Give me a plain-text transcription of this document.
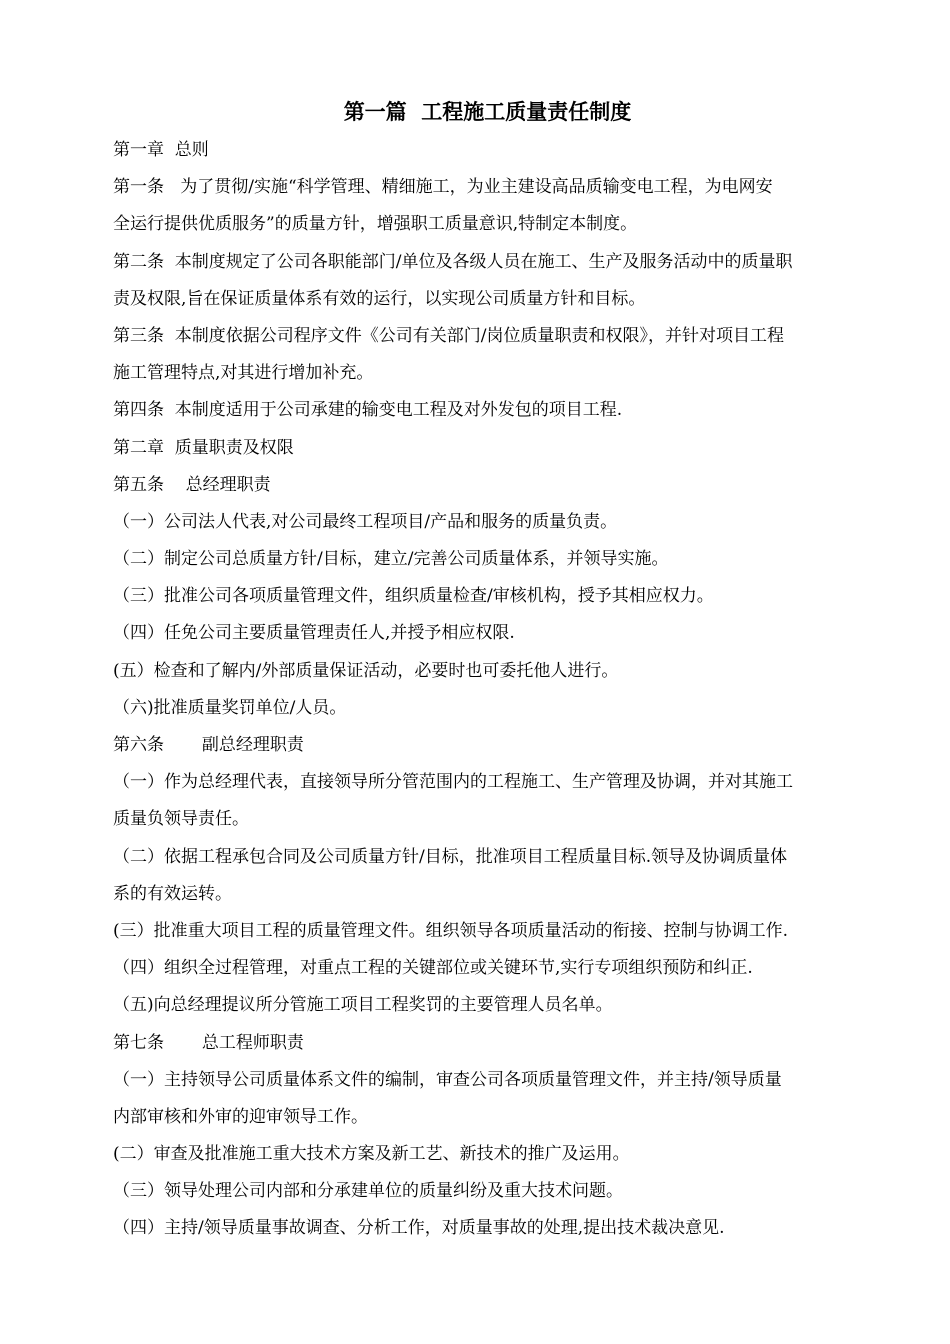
第一篇  工程施工质量责任制度
第一章  总则
第一条   为了贯彻/实施“科学管理、精细施工，为业主建设高品质输变电工程，为电网安
全运行提供优质服务”的质量方针，增强职工质量意识,特制定本制度。
第二条  本制度规定了公司各职能部门/单位及各级人员在施工、生产及服务活动中的质量职
责及权限,旨在保证质量体系有效的运行，以实现公司质量方针和目标。
第三条  本制度依据公司程序文件《公司有关部门/岗位质量职责和权限》，并针对项目工程
施工管理特点,对其进行增加补充。
第四条  本制度适用于公司承建的输变电工程及对外发包的项目工程.
第二章  质量职责及权限
第五条    总经理职责
（一）公司法人代表,对公司最终工程项目/产品和服务的质量负责。
（二）制定公司总质量方针/目标，建立/完善公司质量体系，并领导实施。
（三）批准公司各项质量管理文件，组织质量检查/审核机构，授予其相应权力。
（四）任免公司主要质量管理责任人,并授予相应权限.
(五）检查和了解内/外部质量保证活动，必要时也可委托他人进行。
（六)批准质量奖罚单位/人员。
第六条       副总经理职责
（一）作为总经理代表，直接领导所分管范围内的工程施工、生产管理及协调，并对其施工
质量负领导责任。
（二）依据工程承包合同及公司质量方针/目标，批准项目工程质量目标.领导及协调质量体
系的有效运转。
(三）批准重大项目工程的质量管理文件。组织领导各项质量活动的衔接、控制与协调工作.
（四）组织全过程管理，对重点工程的关键部位或关键环节,实行专项组织预防和纠正.
（五)向总经理提议所分管施工项目工程奖罚的主要管理人员名单。
第七条       总工程师职责
（一）主持领导公司质量体系文件的编制，审查公司各项质量管理文件，并主持/领导质量
内部审核和外审的迎审领导工作。
(二）审查及批准施工重大技术方案及新工艺、新技术的推广及运用。
（三）领导处理公司内部和分承建单位的质量纠纷及重大技术问题。
（四）主持/领导质量事故调查、分析工作，对质量事故的处理,提出技术裁决意见.
